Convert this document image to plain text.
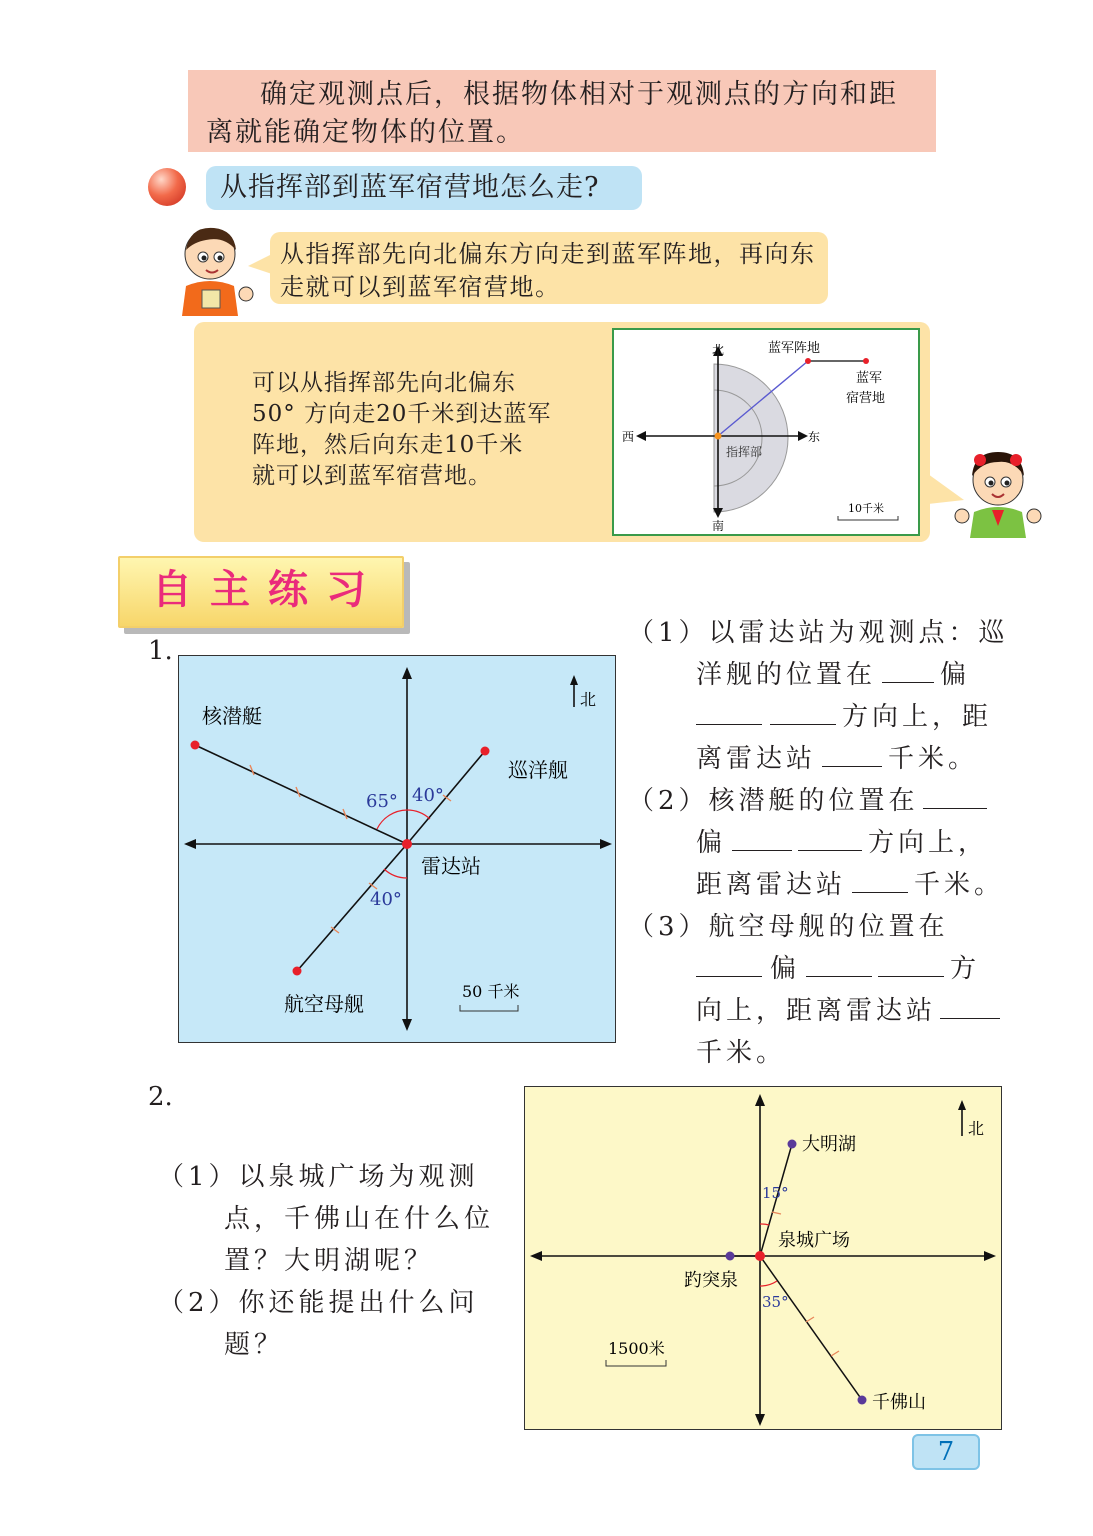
确定观测点后，根据物体相对于观测点的方向和距离就能确定物体的位置。

从指挥部到蓝军宿营地怎么走?
从指挥部先向北偏东方向走到蓝军阵地，再向东走就可以到蓝军宿营地。
可以从指挥部先向北偏东
50° 方向走20千米到达蓝军
阵地，然后向东走10千米
就可以到蓝军宿营地。
北
南
西	东
蓝军阵地
蓝军
宿营地
指挥部
10千米
自主练习
1.
北
核潜艇
巡洋舰
航空母舰
雷达站
65° 40°
40°
50 千米
（1）以雷达站为观测点：巡
洋舰的位置在 偏
方向上，距
离雷达站	千米。
（2）核潜艇的位置在
偏	方向上，
距离雷达站	千米。
（3）航空母舰的位置在
偏	方
向上，距离雷达站
千米。
2.
（1）以泉城广场为观测
点，千佛山在什么位
置？大明湖呢？
（2）你还能提出什么问
题？
北
大明湖
泉城广场
趵突泉
千佛山
15°
35°
1500米
7
